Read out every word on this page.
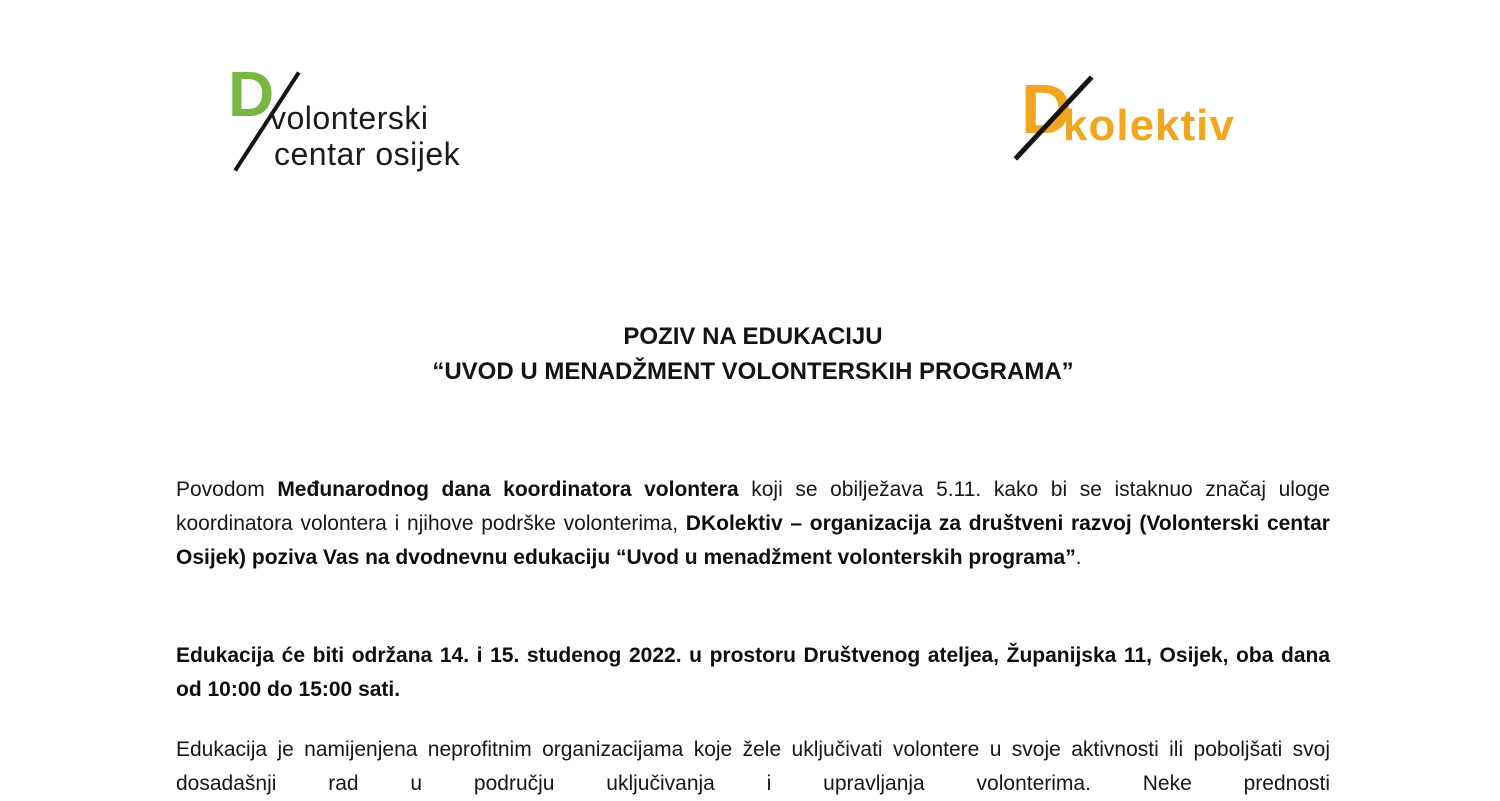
D
volonterski
centar osijek
D
kolektiv
POZIV NA EDUKACIJU
“UVOD U MENADŽMENT VOLONTERSKIH PROGRAMA”

Povodom Međunarodnog dana koordinatora volontera koji se obilježava 5.11. kako bi se istaknuo značaj uloge koordinatora volontera i njihove podrške volonterima, DKolektiv – organizacija za društveni razvoj (Volonterski centar Osijek) poziva Vas na dvodnevnu edukaciju “Uvod u menadžment volonterskih programa”.

Edukacija će biti održana 14. i 15. studenog 2022. u prostoru Društvenog ateljea, Županijska 11, Osijek, oba dana od 10:00 do 15:00 sati.

Edukacija je namijenjena neprofitnim organizacijama koje žele uključivati volontere u svoje aktivnosti ili poboljšati svoj dosadašnji rad u području uključivanja i upravljanja volonterima. Neke prednosti
